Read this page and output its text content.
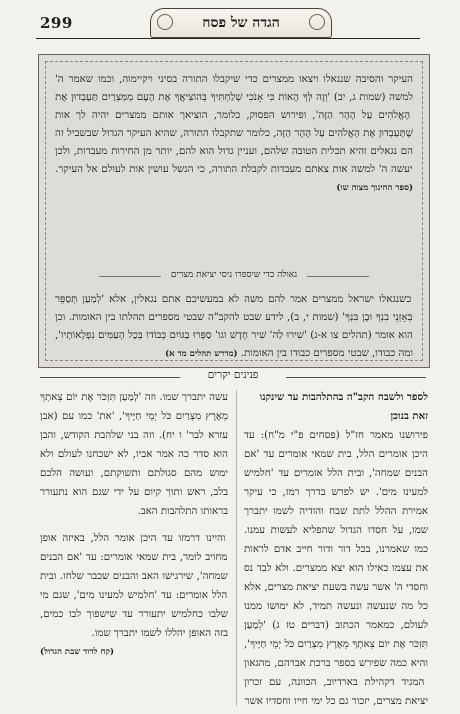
299	הגדה של פסח
העיקר והסיבה שנגאלו ויצאו ממצרים כדי שיקבלו התורה בסיני ויקיימוה, וכמו שאמר ה' למשה (שמות ג, יב) 'וְזֶה לְּךָ הָאוֹת כִּי אָנֹכִי שְׁלַחְתִּיךָ בְּהוֹצִיאֲךָ אֶת הָעָם מִמִּצְרַיִם תַּעַבְדוּן אֶת הָאֱלֹהִים עַל הָהָר הַזֶּה', ופירוש הפסוק, כלומר, הוציאך אותם ממצרים יהיה לך אות שֶׁתַּעַבְדוּן אֶת הָאֱלֹהִים עַל הָהָר הַזֶּה, כלומר שתקבלו התורה, שהיא העיקר הגדול שבשביל זה הם נגאלים והיא תכלית הטובה שלהם, ועניין גדול הוא להם, יותר מן החירות מעבדות, ולכן יעשה ה' למשה אות צאתם מעבדות לקבלת התורה, כי הנשל עושין אות לעולם אל העיקר. (ספר החינוך מצוה שו)
גאולה כדי שיספרו ניסי יציאת מצרים
כשנגאלו ישראל ממצרים אמר להם משה לא במעשיכם אתם נגאלין, אלא 'לְמַעַן תְּסַפֵּר בְּאָזְנֵי בִנְךָ וּבֶן בִּנְךָ' (שמות י, ב), לידע שבט להקב"ה שבטי מספרים תהלתו בין האומות. וכן הוא אומר (תהלים צו א-ג) 'שִׁירוּ לַה' שִׁיר חָדָשׁ וגו' סַפְּרוּ בַגּוֹיִם כְּבוֹדוֹ בְּכָל הָעַמִּים נִפְלְאוֹתָיו', ומה כבודו, שבטי מספרים כבודו בין האומות. (מדרש תהלים מד א)
פנינים יקרים

לספר ולשבח הקב"ה בהתלהבות עד שינקנו זאת בנוכן

פירושנו מאמר חז"ל (פסחים פ"י מ"ח): עד היכן אומרים הלל, בית שמאי אומרים עד 'אם הבנים שמחה', ובית הלל אומרים עד 'חלמיש למעינו מים'. יש לפרש בדרך רמז, כי עיקר אמירת ההלל לתת שבח והודיה לשמו יתברך שמו, על חסדו הגדול שהפליא לעשות עמנו. כמו שאמרנו, בכל דור ודור חייב אדם לראות את עצמו כאילו הוא יצא ממצרים. ולא לבד נס וחסדי ה' אשר עשה בשעת יציאת מצרים, אלא כל מה שנעשה ונעשה תמיד, לא ימושו ממנו לעולם, כמאמר הכתוב (דברים טז ג) 'לְמַעַן תִּזְכֹּר אֶת יוֹם צֵאתְךָ מֵאֶרֶץ מִצְרַיִם כֹּל יְמֵי חַיֶּיךָ', והיא כמה שפירש בספר ברכת אברהם, מהגאון המגיד דקהילת בארדיוב, הכוונה, עם זכרון יציאת מצרים, יזכור גם כל ימי חייו וחסדיו אשר

עשה יתברך שמו. וזה 'לְמַעַן תִּזְכֹּר אֶת יוֹם צֵאתְךָ מֵאֶרֶץ מִצְרַיִם כֹּל יְמֵי חַיֶּיךָ', 'את' כמו עם (אבן עזרא לבר' ו יח). וזה בני שלהבת הקודש, והבן הוא סדר כה אמר אביו, לא ישכחנו לעולם ולא ימוש מהם סגולתם ותשוקתם, ועושה הלכם בלב, ראש ותוך קיום על ידי שגם הוא נתעורר בראותו התלהבות האב.

והיינו דרמזו עד היכן אומר הלל, באיזה אופן מחויב לומר, בית שמאי אומרים: עד 'אם הבנים שמחה', שירגישו האב והבנים שכבר שלחו. ובית הלל אומרים: עד 'חלמיש למעינו מים', שגם מי שלבו כחלמיש יתעורר עד שישפוך לבו כמים, בזה האופן יהללו לשמו יתברך שמו.

(קח לדוד שבת הגדול)
